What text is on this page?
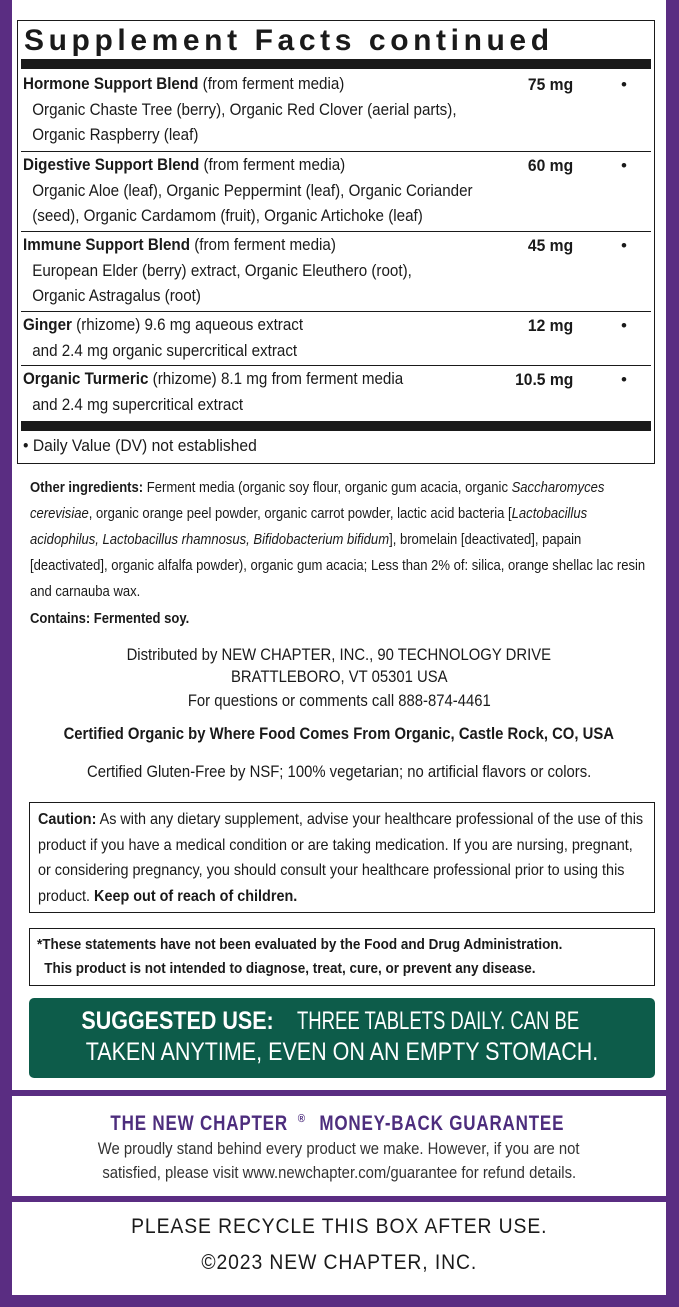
Supplement Facts continued
Hormone Support Blend (from ferment media)
Organic Chaste Tree (berry), Organic Red Clover (aerial parts),
Organic Raspberry (leaf)
75 mg	•
Digestive Support Blend (from ferment media)
Organic Aloe (leaf), Organic Peppermint (leaf), Organic Coriander
(seed), Organic Cardamom (fruit), Organic Artichoke (leaf)
60 mg	•
Immune Support Blend (from ferment media)
European Elder (berry) extract, Organic Eleuthero (root),
Organic Astragalus (root)
45 mg	•
Ginger (rhizome) 9.6 mg aqueous extract
and 2.4 mg organic supercritical extract
12 mg	•
Organic Turmeric (rhizome) 8.1 mg from ferment media
and 2.4 mg supercritical extract
10.5 mg	•
• Daily Value (DV) not established
Other ingredients: Ferment media (organic soy flour, organic gum acacia, organic Saccharomyces cerevisiae, organic orange peel powder, organic carrot powder, lactic acid bacteria [Lactobacillus acidophilus, Lactobacillus rhamnosus, Bifidobacterium bifidum], bromelain [deactivated], papain [deactivated], organic alfalfa powder), organic gum acacia; Less than 2% of: silica, orange shellac lac resin and carnauba wax.
Contains: Fermented soy.
Distributed by NEW CHAPTER, INC., 90 TECHNOLOGY DRIVE
BRATTLEBORO, VT 05301 USA
For questions or comments call 888-874-4461
Certified Organic by Where Food Comes From Organic, Castle Rock, CO, USA
Certified Gluten-Free by NSF; 100% vegetarian; no artificial flavors or colors.
Caution: As with any dietary supplement, advise your healthcare professional of the use of this product if you have a medical condition or are taking medication. If you are nursing, pregnant, or considering pregnancy, you should consult your healthcare professional prior to using this product. Keep out of reach of children.
*These statements have not been evaluated by the Food and Drug Administration.
This product is not intended to diagnose, treat, cure, or prevent any disease.
SUGGESTED USE:THREE TABLETS DAILY. CAN BE
TAKEN ANYTIME, EVEN ON AN EMPTY STOMACH.
THE NEW CHAPTER ®MONEY-BACK GUARANTEE
We proudly stand behind every product we make. However, if you are not
satisfied, please visit www.newchapter.com/guarantee for refund details.
PLEASE RECYCLE THIS BOX AFTER USE.
©2023 NEW CHAPTER, INC.
